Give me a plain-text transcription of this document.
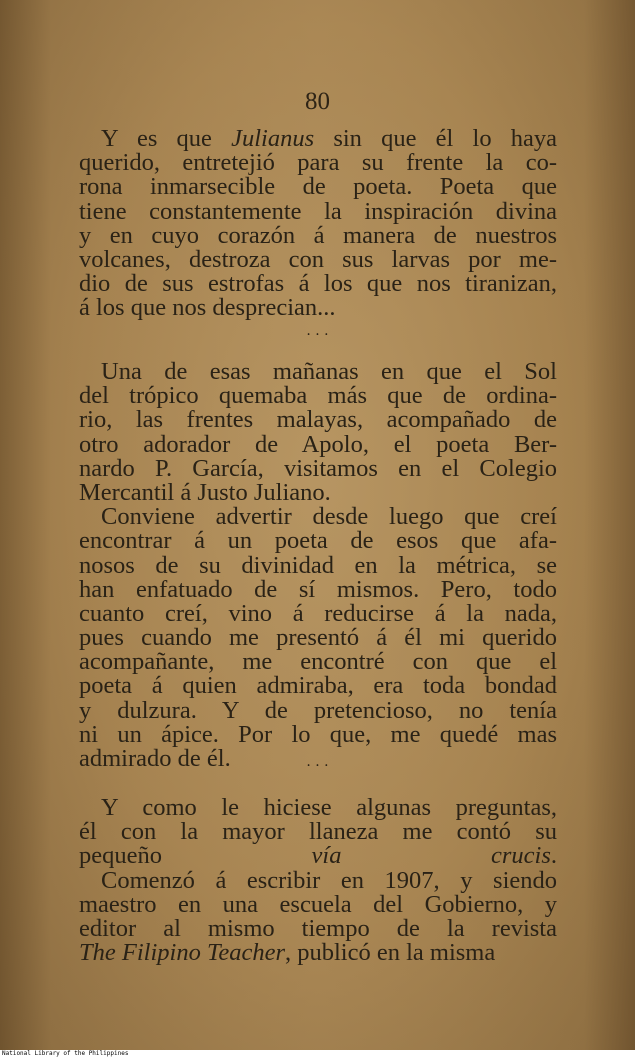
80
Y es que Julianus sin que él lo haya
querido, entretejió para su frente la co-
rona inmarsecible de poeta. Poeta que
tiene constantemente la inspiración divina
y en cuyo corazón á manera de nuestros
volcanes, destroza con sus larvas por me-
dio de sus estrofas á los que nos tiranizan,
á los que nos desprecian...
· · ·
Una de esas mañanas en que el Sol
del trópico quemaba más que de ordina-
rio, las frentes malayas, acompañado de
otro adorador de Apolo, el poeta Ber-
nardo P. García, visitamos en el Colegio
Mercantil á Justo Juliano.
Conviene advertir desde luego que creí
encontrar á un poeta de esos que afa-
nosos de su divinidad en la métrica, se
han enfatuado de sí mismos. Pero, todo
cuanto creí, vino á reducirse á la nada,
pues cuando me presentó á él mi querido
acompañante, me encontré con que el
poeta á quien admiraba, era toda bondad
y dulzura. Y de pretencioso, no tenía
ni un ápice. Por lo que, me quedé mas
admirado de él.	· · ·
Y como le hiciese algunas preguntas,
él con la mayor llaneza me contó su
pequeño vía crucis.
Comenzó á escribir en 1907, y siendo
maestro en una escuela del Gobierno, y
editor al mismo tiempo de la revista
The Filipino Teacher, publicó en la misma
National Library of the Philippines
